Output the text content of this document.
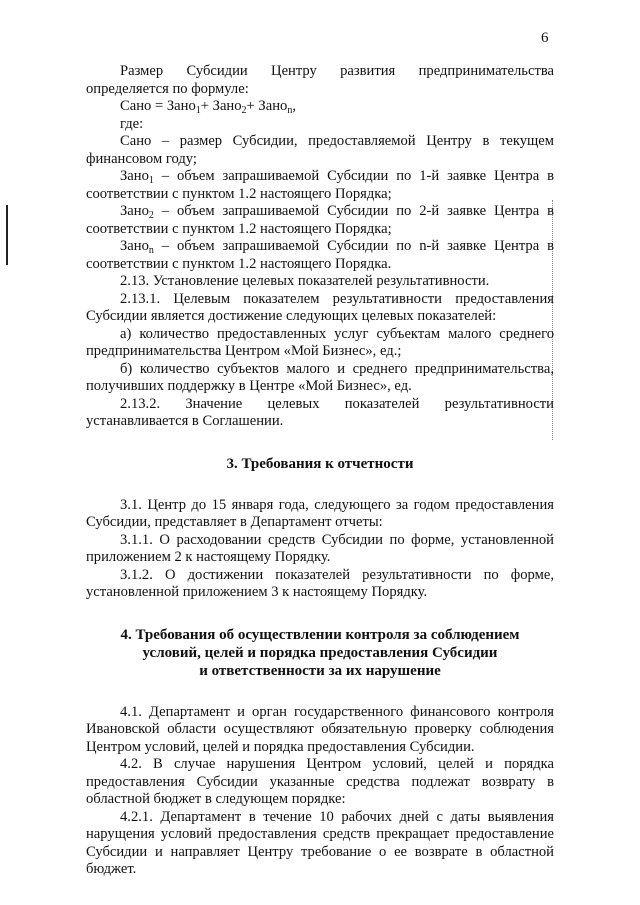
6

Размер Субсидии Центру развития предпринимательства

определяется по формуле:

Сано = Зано$_1$+ Зано$_2$+ Зано$_n$,

где:

Сано – размер Субсидии, предоставляемой Центру в текущем финансовом году;

Зано$_1$ – объем запрашиваемой Субсидии по 1-й заявке Центра в соответствии с пунктом 1.2 настоящего Порядка;

Зано$_2$ – объем запрашиваемой Субсидии по 2-й заявке Центра в соответствии с пунктом 1.2 настоящего Порядка;

Зано$_n$ – объем запрашиваемой Субсидии по n-й заявке Центра в соответствии с пунктом 1.2 настоящего Порядка.

2.13. Установление целевых показателей результативности.

2.13.1. Целевым показателем результативности предоставления Субсидии является достижение следующих целевых показателей:

а) количество предоставленных услуг субъектам малого среднего предпринимательства Центром «Мой Бизнес», ед.;

б) количество субъектов малого и среднего предпринимательства, получивших поддержку в Центре «Мой Бизнес», ед.

2.13.2. Значение целевых показателей результативности устанавливается в Соглашении.

3. Требования к отчетности

3.1. Центр до 15 января года, следующего за годом предоставления Субсидии, представляет в Департамент отчеты:

3.1.1. О расходовании средств Субсидии по форме, установленной приложением 2 к настоящему Порядку.

3.1.2. О достижении показателей результативности по форме, установленной приложением 3 к настоящему Порядку.

4. Требования об осуществлении контроля за соблюдением

условий, целей и порядка предоставления Субсидии

и ответственности за их нарушение

4.1. Департамент и орган государственного финансового контроля Ивановской области осуществляют обязательную проверку соблюдения Центром условий, целей и порядка предоставления Субсидии.

4.2. В случае нарушения Центром условий, целей и порядка предоставления Субсидии указанные средства подлежат возврату в областной бюджет в следующем порядке:

4.2.1. Департамент в течение 10 рабочих дней с даты выявления нарущения условий предоставления средств прекращает предоставление Субсидии и направляет Центру требование о ее возврате в областной бюджет.
